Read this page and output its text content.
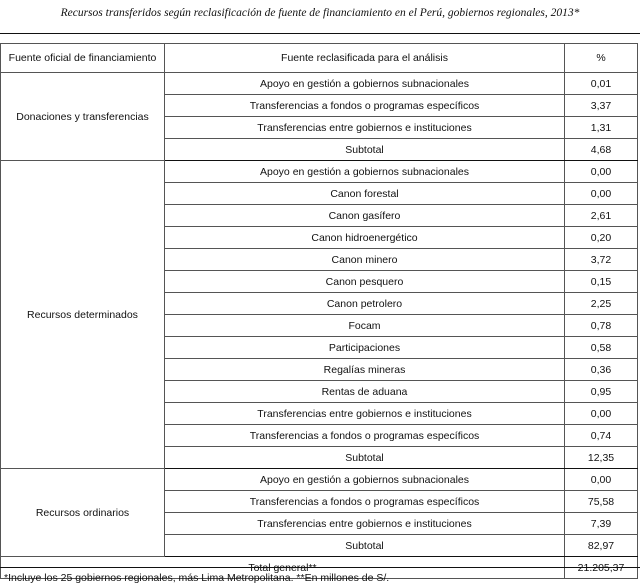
Recursos transferidos según reclasificación de fuente de financiamiento en el Perú, gobiernos regionales, 2013*
Fuente oficial de financiamiento	Fuente reclasificada para el análisis	%
Donaciones y transferencias	Apoyo en gestión a gobiernos subnacionales	0,01
	Transferencias a fondos o programas específicos	3,37
	Transferencias entre gobiernos e instituciones	1,31
	Subtotal	4,68
Recursos determinados	Apoyo en gestión a gobiernos subnacionales	0,00
	Canon forestal	0,00
	Canon gasífero	2,61
	Canon hidroenergético	0,20
	Canon minero	3,72
	Canon pesquero	0,15
	Canon petrolero	2,25
	Focam	0,78
	Participaciones	0,58
	Regalías mineras	0,36
	Rentas de aduana	0,95
	Transferencias entre gobiernos e instituciones	0,00
	Transferencias a fondos o programas específicos	0,74
	Subtotal	12,35
Recursos ordinarios	Apoyo en gestión a gobiernos subnacionales	0,00
	Transferencias a fondos o programas específicos	75,58
	Transferencias entre gobiernos e instituciones	7,39
	Subtotal	82,97
Total general**		21.205,37
*Incluye los 25 gobiernos regionales, más Lima Metropolitana. **En millones de S/.
